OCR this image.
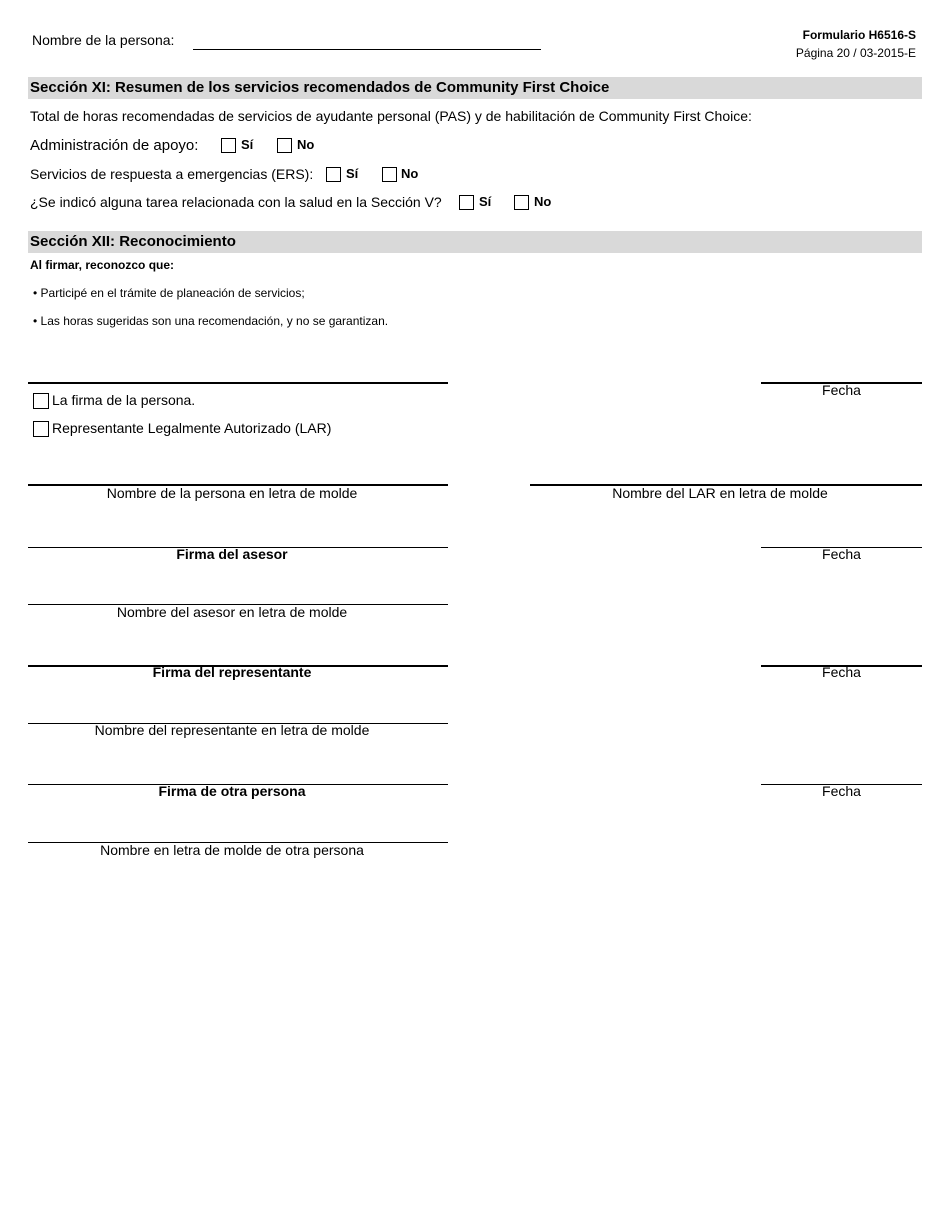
Nombre de la persona:	Formulario H6516-S
Página 20 / 03-2015-E
Sección XI: Resumen de los servicios recomendados de Community First Choice
Total de horas recomendadas de servicios de ayudante personal (PAS) y de habilitación de Community First Choice:
Administración de apoyo:	Sí	No
Servicios de respuesta a emergencias (ERS):	Sí	No
¿Se indicó alguna tarea relacionada con la salud en la Sección V?	Sí	No
Sección XII: Reconocimiento
Al firmar, reconozco que:
• Participé en el trámite de planeación de servicios;
• Las horas sugeridas son una recomendación, y no se garantizan.
Fecha
La firma de la persona.
Representante Legalmente Autorizado (LAR)
Nombre de la persona en letra de molde	Nombre del LAR en letra de molde
Firma del asesor	Fecha
Nombre del asesor en letra de molde
Firma del representante	Fecha
Nombre del representante en letra de molde
Firma de otra persona	Fecha
Nombre en letra de molde de otra persona
